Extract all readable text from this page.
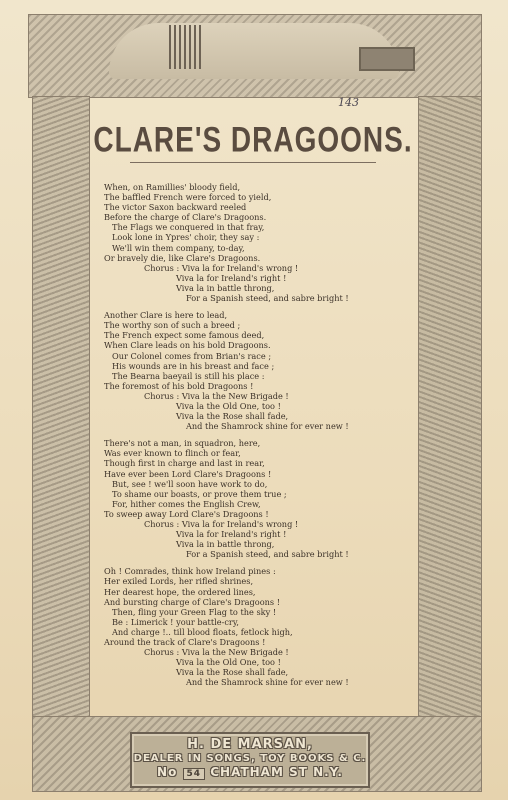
143
CLARE'S DRAGOONS.
When, on Ramillies' bloody field,
The baffled French were forced to yield,
The victor Saxon backward reeled
Before the charge of Clare's Dragoons.
The Flags we conquered in that fray,
Look lone in Ypres' choir, they say :
We'll win them company, to-day,
Or bravely die, like Clare's Dragoons.
Chorus : Viva la for Ireland's wrong !
Viva la for Ireland's right !
Viva la in battle throng,
For a Spanish steed, and sabre bright !
Another Clare is here to lead,
The worthy son of such a breed ;
The French expect some famous deed,
When Clare leads on his bold Dragoons.
Our Colonel comes from Brian's race ;
His wounds are in his breast and face ;
The Bearna baeyail is still his place :
The foremost of his bold Dragoons !
Chorus : Viva la the New Brigade !
Viva la the Old One, too !
Viva la the Rose shall fade,
And the Shamrock shine for ever new !
There's not a man, in squadron, here,
Was ever known to flinch or fear,
Though first in charge and last in rear,
Have ever been Lord Clare's Dragoons !
But, see ! we'll soon have work to do,
To shame our boasts, or prove them true ;
For, hither comes the English Crew,
To sweep away Lord Clare's Dragoons !
Chorus : Viva la for Ireland's wrong !
Viva la for Ireland's right !
Viva la in battle throng,
For a Spanish steed, and sabre bright !
Oh ! Comrades, think how Ireland pines :
Her exiled Lords, her rifled shrines,
Her dearest hope, the ordered lines,
And bursting charge of Clare's Dragoons !
Then, fling your Green Flag to the sky !
Be : Limerick ! your battle-cry,
And charge !.. till blood floats, fetlock high,
Around the track of Clare's Dragoons !
Chorus : Viva la the New Brigade !
Viva la the Old One, too !
Viva la the Rose shall fade,
And the Shamrock shine for ever new !
H. DE MARSAN,
DEALER IN SONGS, TOY BOOKS & C.
No 54 CHATHAM ST N.Y.
